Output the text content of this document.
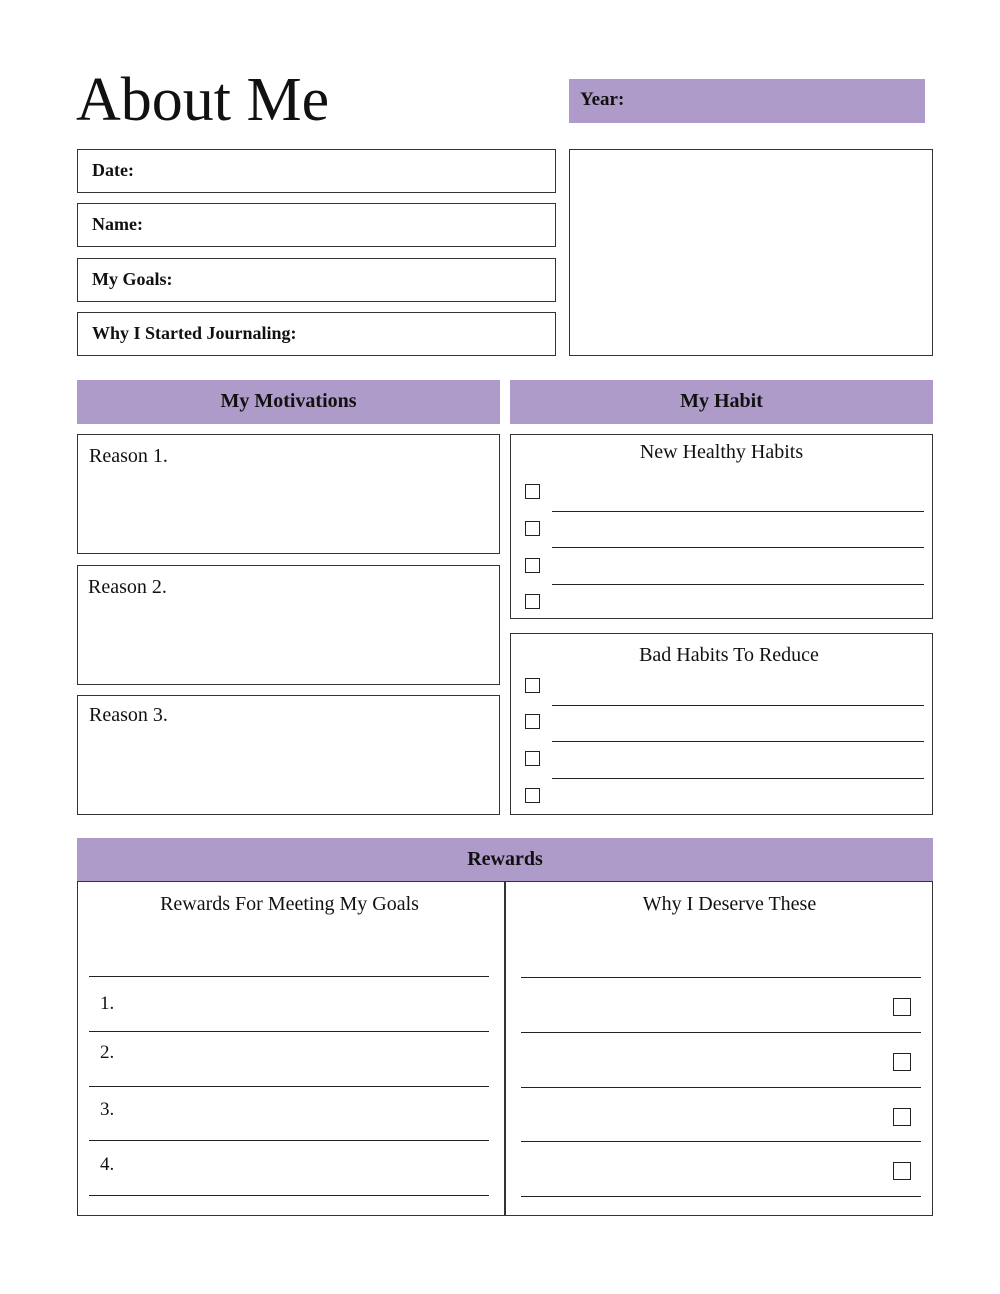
About Me	Year:
Date:
Name:
My Goals:
Why I Started Journaling:
My Motivations	My Habit
Reason 1.
Reason 2.
Reason 3.
New Healthy Habits
Bad Habits To Reduce
Rewards
Rewards For Meeting My Goals	Why I Deserve These
1.
2.
3.
4.
